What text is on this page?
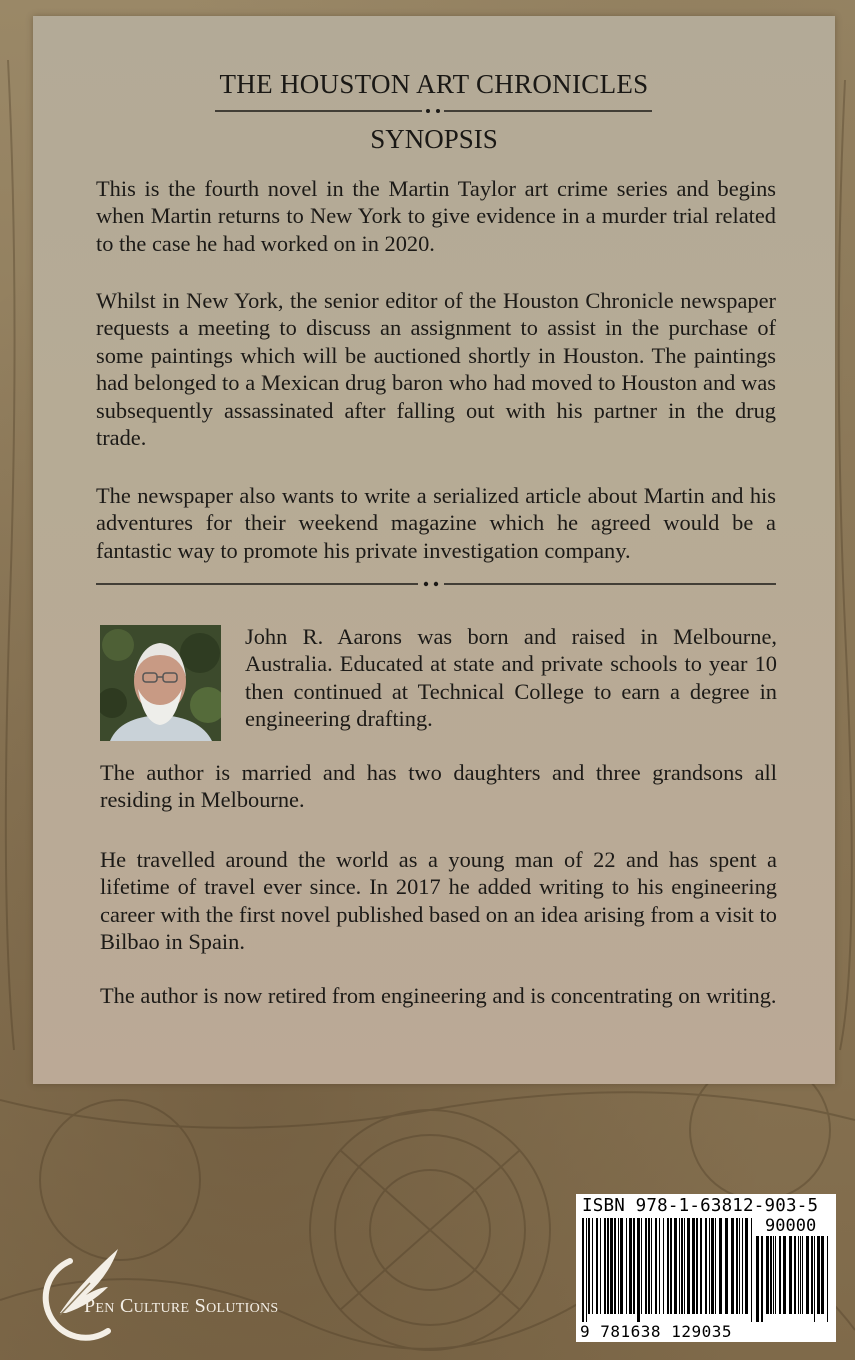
THE HOUSTON ART CHRONICLES
SYNOPSIS

This is the fourth novel in the Martin Taylor art crime series and begins when Martin returns to New York to give evidence in a murder trial related to the case he had worked on in 2020.

Whilst in New York, the senior editor of the Houston Chronicle newspaper requests a meeting to discuss an assignment to assist in the purchase of some paintings which will be auctioned shortly in Houston. The paintings had belonged to a Mexican drug baron who had moved to Houston and was subsequently assassinated after falling out with his partner in the drug trade.

The newspaper also wants to write a serialized article about Martin and his adventures for their weekend magazine which he agreed would be a fantastic way to promote his private investigation company.

John R. Aarons was born and raised in Melbourne, Australia. Educated at state and private schools to year 10 then continued at Technical College to earn a degree in engineering drafting.

The author is married and has two daughters and three grandsons all residing in Melbourne.

He travelled around the world as a young man of 22 and has spent a lifetime of travel ever since. In 2017 he added writing to his engineering career with the first novel published based on an idea arising from a visit to Bilbao in Spain.

The author is now retired from engineering and is concentrating on writing.

Pen Culture Solutions
ISBN 978-1-63812-903-5
90000
9 781638 129035
